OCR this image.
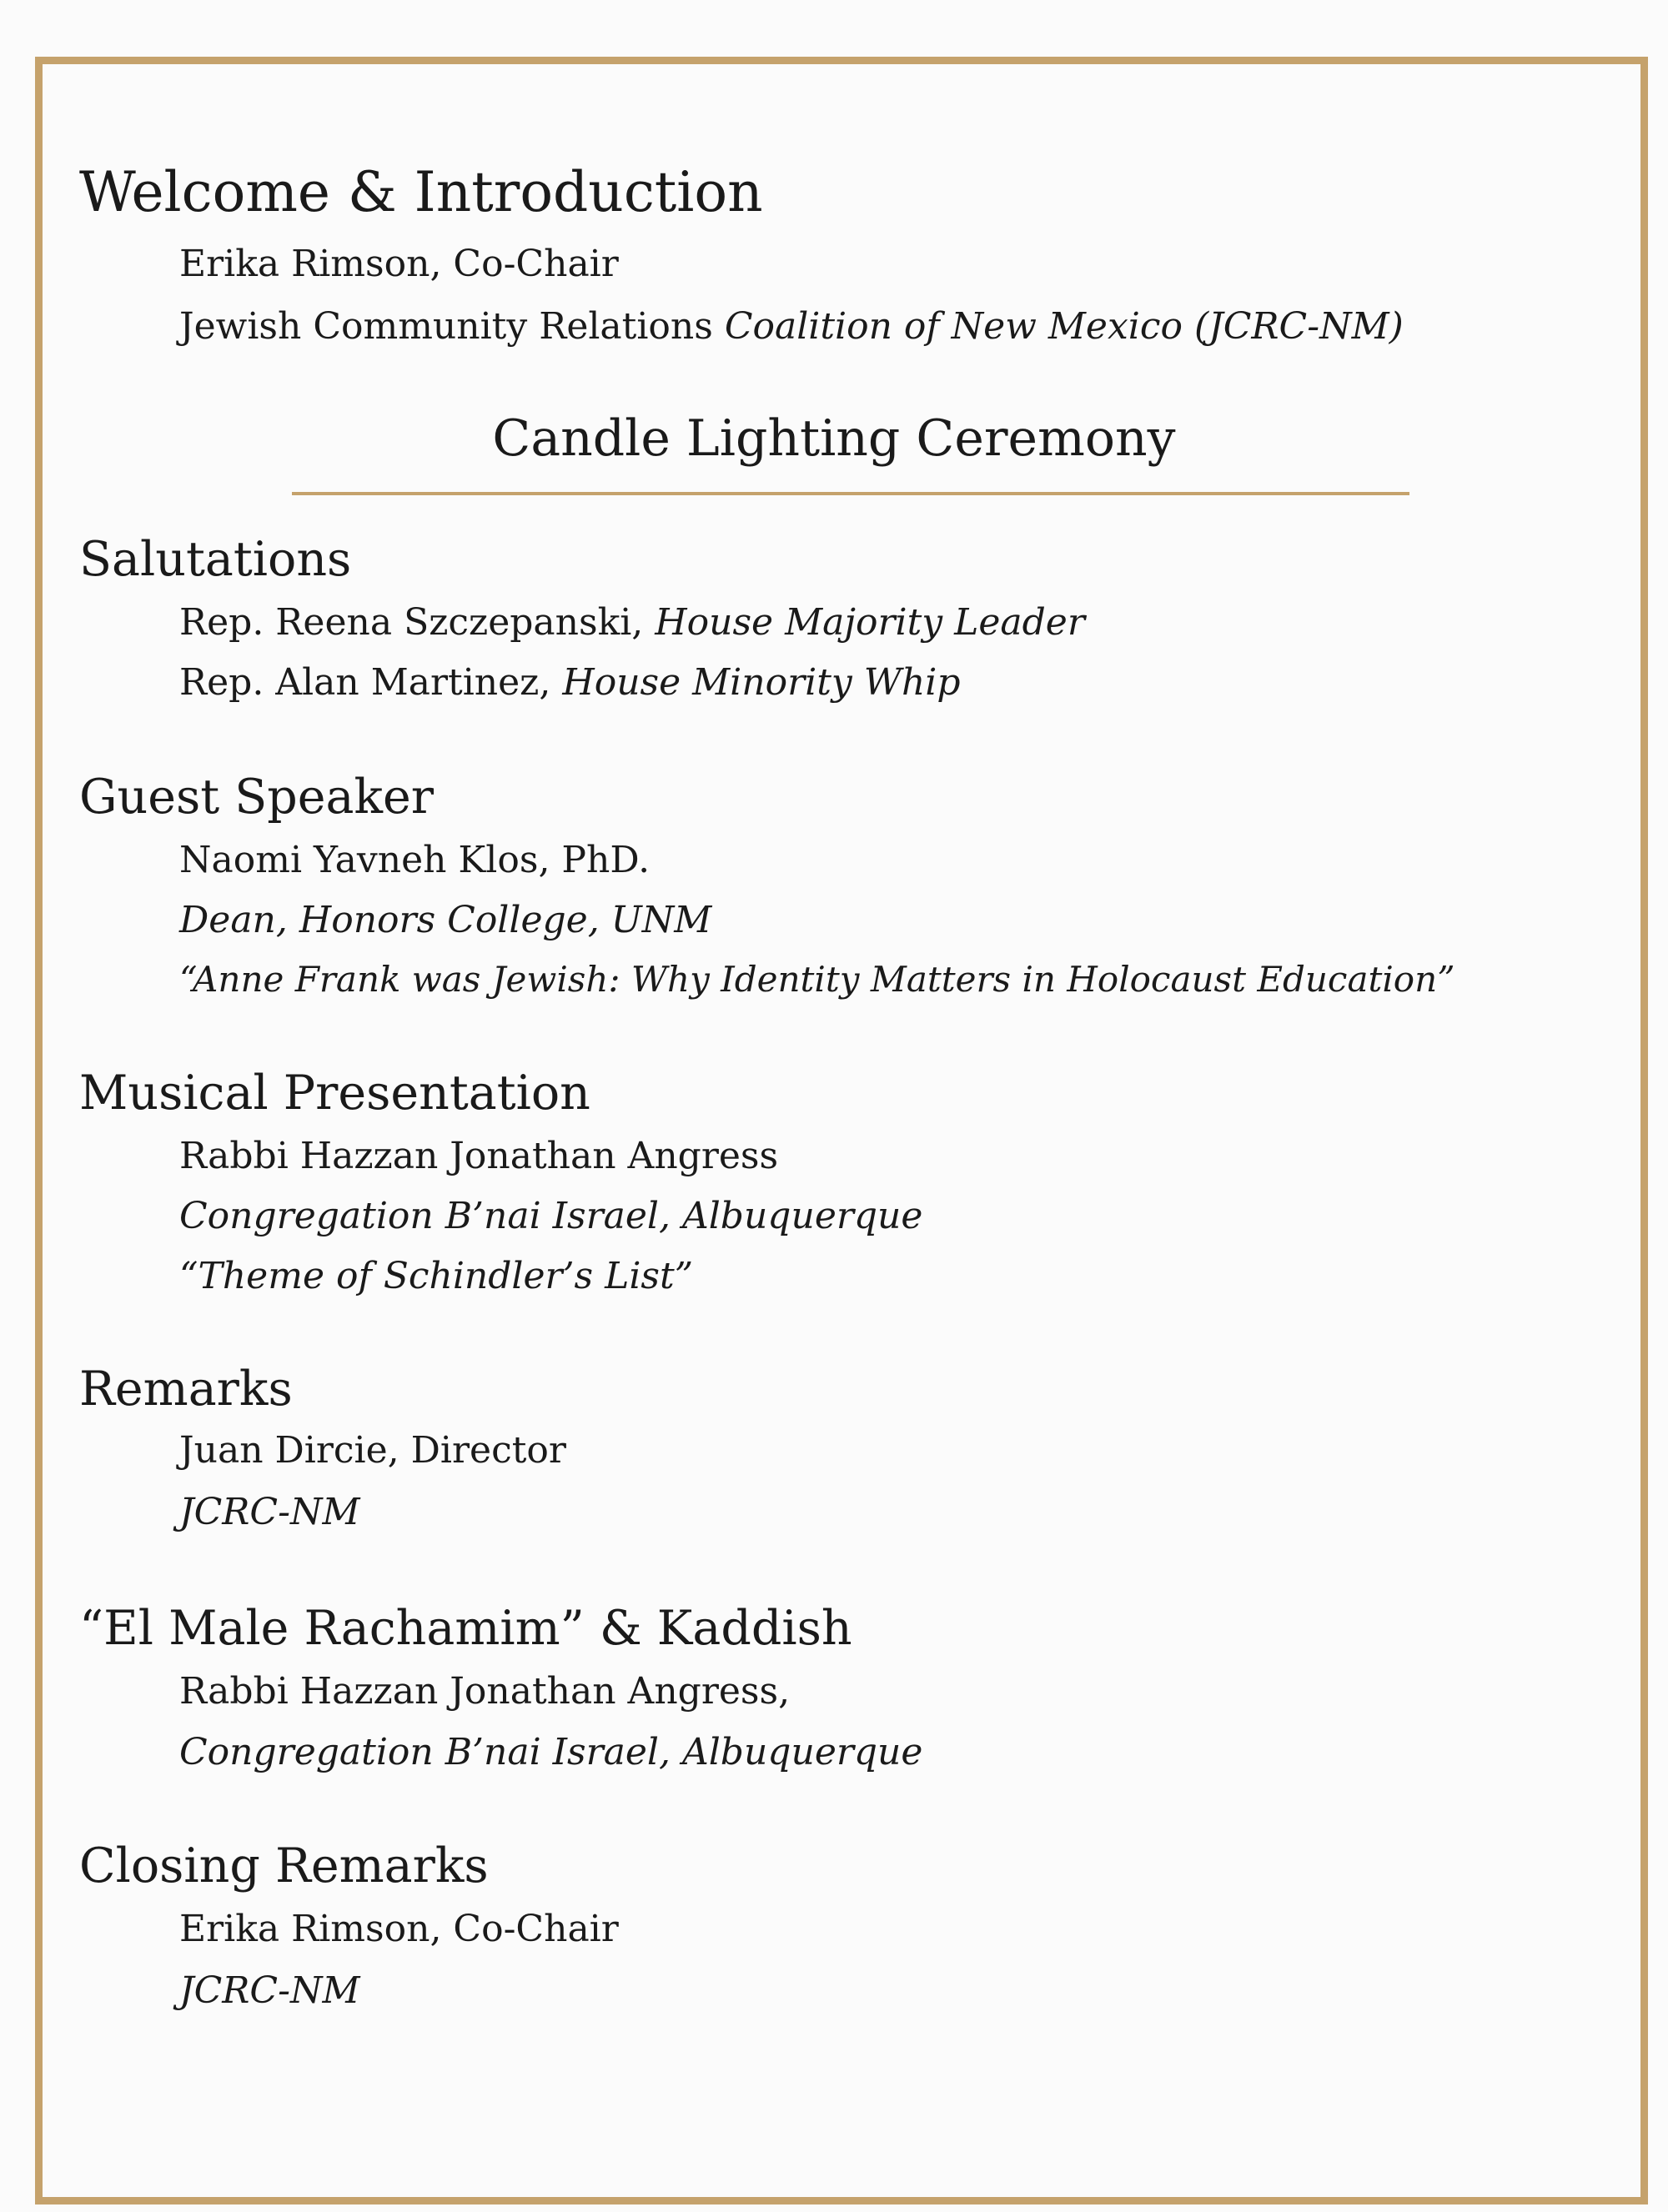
Welcome & Introduction
Erika Rimson, Co-Chair
Jewish Community Relations Coalition of New Mexico (JCRC-NM)
Candle Lighting Ceremony
Salutations
Rep. Reena Szczepanski, House Majority Leader
Rep. Alan Martinez, House Minority Whip
Guest Speaker
Naomi Yavneh Klos, PhD.
Dean, Honors College, UNM
“Anne Frank was Jewish: Why Identity Matters in Holocaust Education”
Musical Presentation
Rabbi Hazzan Jonathan Angress
Congregation B’nai Israel, Albuquerque
“Theme of Schindler’s List”
Remarks
Juan Dircie, Director
JCRC-NM
“El Male Rachamim” & Kaddish
Rabbi Hazzan Jonathan Angress,
Congregation B’nai Israel, Albuquerque
Closing Remarks
Erika Rimson, Co-Chair
JCRC-NM
